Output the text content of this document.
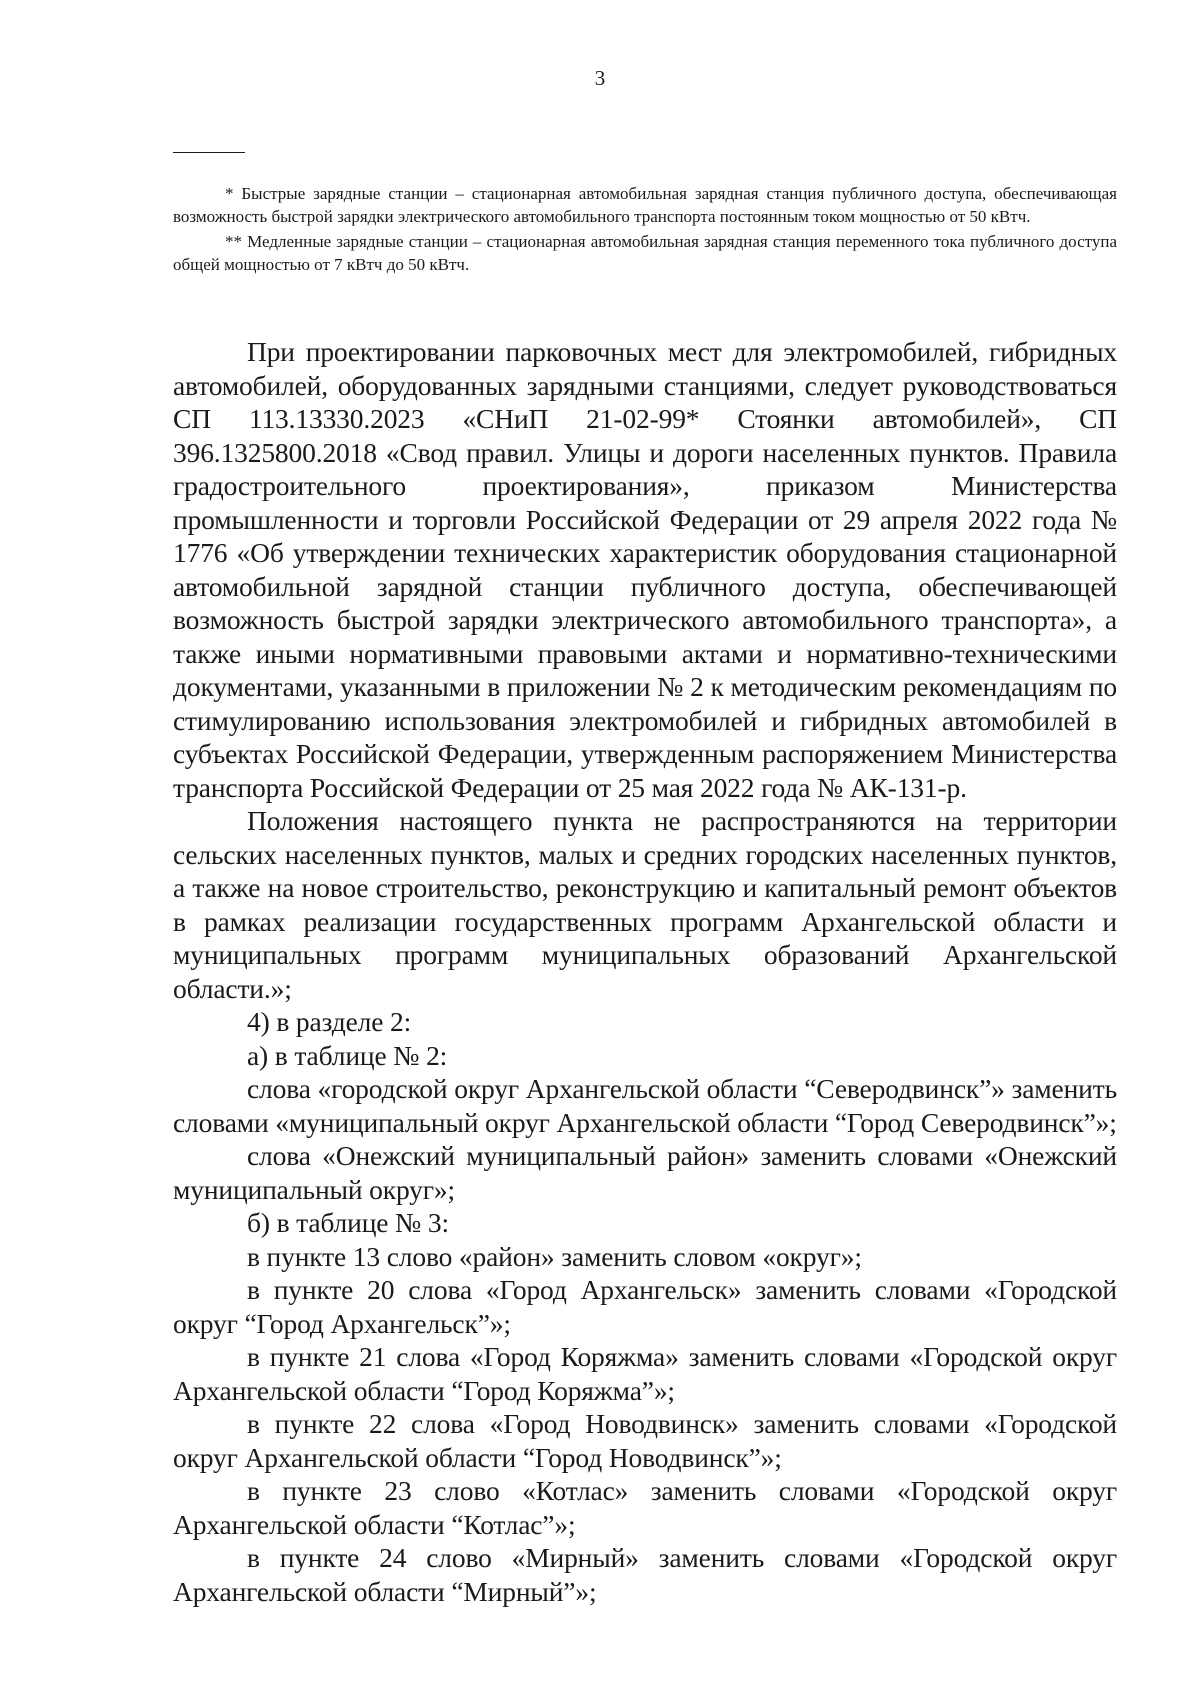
3

* Быстрые зарядные станции – стационарная автомобильная зарядная станция публичного доступа, обеспечивающая возможность быстрой зарядки электрического автомобильного транспорта постоянным током мощностью от 50 кВтч.

** Медленные зарядные станции – стационарная автомобильная зарядная станция переменного тока публичного доступа общей мощностью от 7 кВтч до 50 кВтч.

При проектировании парковочных мест для электромобилей, гибридных автомобилей, оборудованных зарядными станциями, следует руководствоваться СП 113.13330.2023 «СНиП 21-02-99* Стоянки автомобилей», СП 396.1325800.2018 «Свод правил. Улицы и дороги населенных пунктов. Правила градостроительного проектирования», приказом Министерства промышленности и торговли Российской Федерации от 29 апреля 2022 года № 1776 «Об утверждении технических характеристик оборудования стационарной автомобильной зарядной станции публичного доступа, обеспечивающей возможность быстрой зарядки электрического автомобильного транспорта», а также иными нормативными правовыми актами и нормативно-техническими документами, указанными в приложении № 2 к методическим рекомендациям по стимулированию использования электромобилей и гибридных автомобилей в субъектах Российской Федерации, утвержденным распоряжением Министерства транспорта Российской Федерации от 25 мая 2022 года № АК-131-р.

Положения настоящего пункта не распространяются на территории сельских населенных пунктов, малых и средних городских населенных пунктов, а также на новое строительство, реконструкцию и капитальный ремонт объектов в рамках реализации государственных программ Архангельской области и муниципальных программ муниципальных образований Архангельской области.»;

4) в разделе 2:

а) в таблице № 2:

слова «городской округ Архангельской области “Северодвинск”» заменить словами «муниципальный округ Архангельской области “Город Северодвинск”»;

слова «Онежский муниципальный район» заменить словами «Онежский муниципальный округ»;

б) в таблице № 3:

в пункте 13 слово «район» заменить словом «округ»;

в пункте 20 слова «Город Архангельск» заменить словами «Городской округ “Город Архангельск”»;

в пункте 21 слова «Город Коряжма» заменить словами «Городской округ Архангельской области “Город Коряжма”»;

в пункте 22 слова «Город Новодвинск» заменить словами «Городской округ Архангельской области “Город Новодвинск”»;

в пункте 23 слово «Котлас» заменить словами «Городской округ Архангельской области “Котлас”»;

в пункте 24 слово «Мирный» заменить словами «Городской округ Архангельской области “Мирный”»;
